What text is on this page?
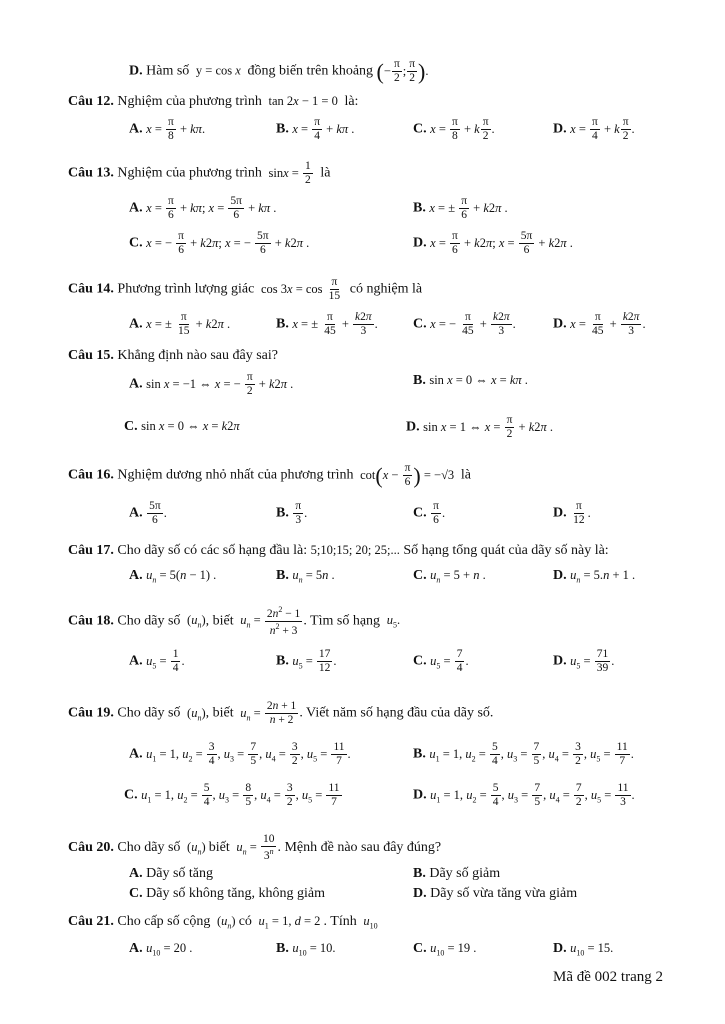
D. Hàm số  y = cos x đồng biến trên khoảng (− $\frac{\pi}{2}$ ; $\frac{\pi}{2}$ ).
Câu 12. Nghiệm của phương trình  tan 2x − 1 = 0  là:
A. $x = \frac{\pi}{8} + k\pi$.	B. $x = \frac{\pi}{4} + k\pi$ .	C. $x = \frac{\pi}{8} + k \frac{\pi}{2}$ .	D. $x = \frac{\pi}{4} + k \frac{\pi}{2}$ .
Câu 13. Nghiệm của phương trình  $\sin x = \frac{1}{2}$ là
A. $x = \frac{\pi}{6} + k\pi$; $x = \frac{5\pi}{6} + k\pi$ .	B. x = ± $\frac{\pi}{6} + k2\pi$ .
C. x = − $\frac{\pi}{6} + k2\pi$; x = − $\frac{5\pi}{6} + k2\pi$ .	D. $x = \frac{\pi}{6} + k2\pi$; $x = \frac{5\pi}{6} + k2\pi$ .
Câu 14. Phương trình lượng giác  $\cos 3x = \cos \frac{\pi}{15}$ có nghiệm là
A. x = ± $\frac{\pi}{15} + k2\pi$ .	B. x = ± $\frac{\pi}{45} + \frac{k2\pi}{3}$ .	C. x = − $\frac{\pi}{45} + \frac{k2\pi}{3}$ .	D. $x = \frac{\pi}{45} + \frac{k2\pi}{3}$ .
Câu 15. Khẳng định nào sau đây sai?
A. sin x = −1 ⇔ x = − $\frac{\pi}{2} + k2\pi$ .	B. sin x = 0 ⇔ x = kπ .
C. sin x = 0 ⇔ x = k2π	D. sin x = 1 ⇔ $x = \frac{\pi}{2} + k2\pi$ .
Câu 16. Nghiệm dương nhỏ nhất của phương trình  $\cot(x - \frac{\pi}{6}$ ) = −√3  là
A. $\frac{5\pi}{6}$ .	B. $\frac{\pi}{3}$ .	C. $\frac{\pi}{6}$ .	D. $\frac{\pi}{12}$ .
Câu 17. Cho dãy số có các số hạng đầu là: 5;10;15; 20; 25;... Số hạng tổng quát của dãy số này là:
A. $u_n = 5(n - 1)$ .	B. $u_n = 5n$ .	C. $u_n = 5 + n$ .	D. $u_n = 5.n + 1$ .
Câu 18. Cho dãy số  $(u_n)$, biết $u_n = \frac{2n^2 - 1}{n^2 + 3}$ . Tìm số hạng $u_5$.
A. $u_5 = \frac{1}{4}$ .	B. $u_5 = \frac{17}{12}$ .	C. $u_5 = \frac{7}{4}$ .	D. $u_5 = \frac{71}{39}$ .
Câu 19. Cho dãy số  $(u_n)$, biết $u_n = \frac{2n + 1}{n + 2}$ . Viết năm số hạng đầu của dãy số.
A. $u_1 = 1$, $u_2 = \frac{3}{4}$ , $u_3 = \frac{7}{5}$ , $u_4 = \frac{3}{2}$ , $u_5 = \frac{11}{7}$ .	B. $u_1 = 1$, $u_2 = \frac{5}{4}$ , $u_3 = \frac{7}{5}$ , $u_4 = \frac{3}{2}$ , $u_5 = \frac{11}{7}$ .
C. $u_1 = 1$, $u_2 = \frac{5}{4}$ , $u_3 = \frac{8}{5}$ , $u_4 = \frac{3}{2}$ , $u_5 = \frac{11}{7}$	D. $u_1 = 1$, $u_2 = \frac{5}{4}$ , $u_3 = \frac{7}{5}$ , $u_4 = \frac{7}{2}$ , $u_5 = \frac{11}{3}$ .
Câu 20. Cho dãy số  $(u_n)$ biết $u_n = \frac{10}{3^n}$ . Mệnh đề nào sau đây đúng?
A. Dãy số tăng	B. Dãy số giảm
C. Dãy số không tăng, không giảm	D. Dãy số vừa tăng vừa giảm
Câu 21. Cho cấp số cộng  $(u_n)$ có $u_1 = 1$, d = 2 . Tính $u_{10}$
A. $u_{10} = 20$ .	B. $u_{10} = 10$.	C. $u_{10} = 19$ .	D. $u_{10} = 15$.
Mã đề 002 trang 2
